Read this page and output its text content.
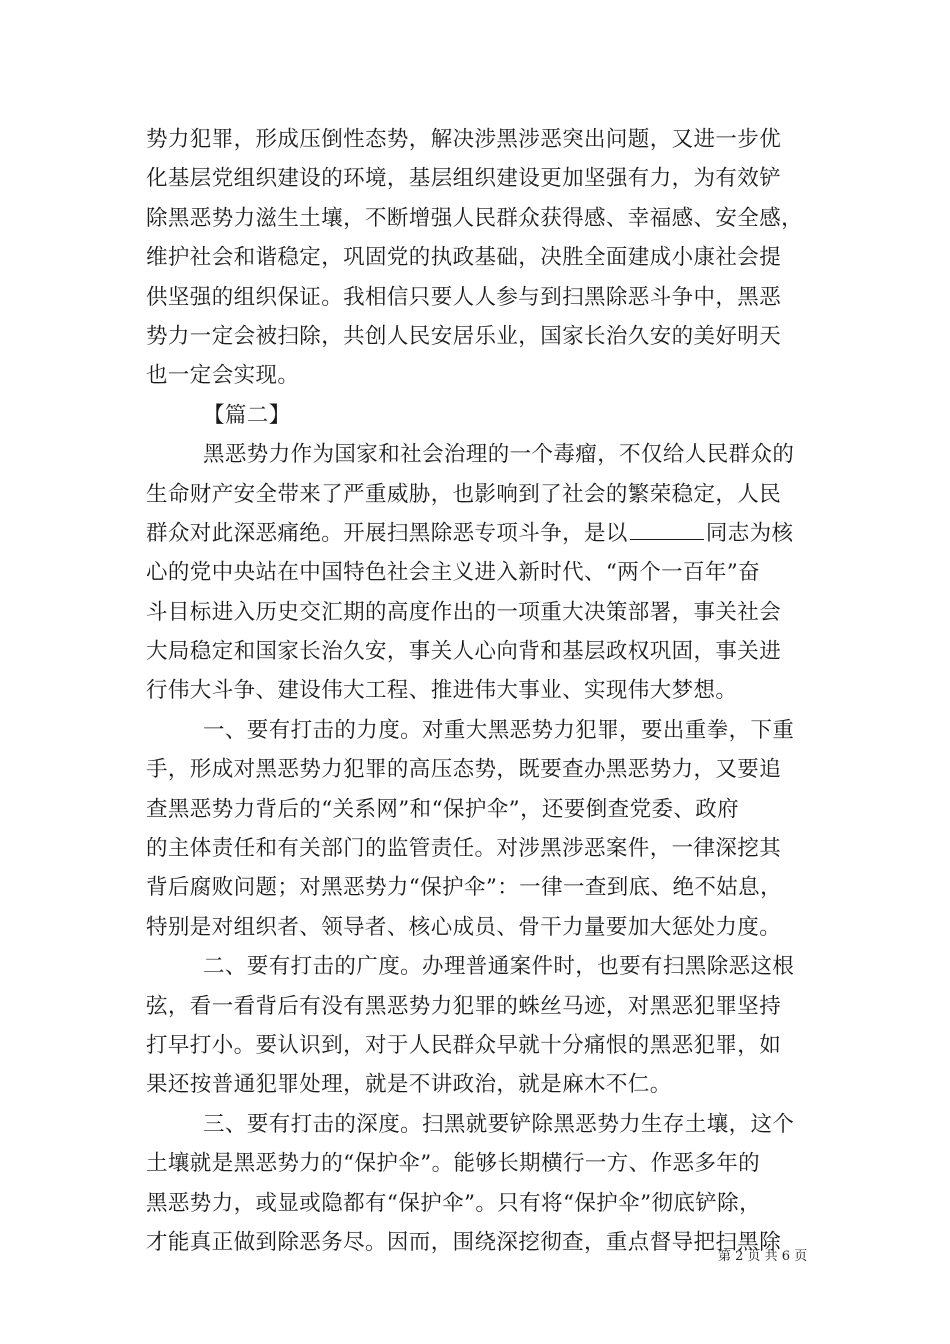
势力犯罪，形成压倒性态势，解决涉黑涉恶突出问题，又进一步优
化基层党组织建设的环境，基层组织建设更加坚强有力，为有效铲
除黑恶势力滋生土壤，不断增强人民群众获得感、幸福感、安全感，
维护社会和谐稳定，巩固党的执政基础，决胜全面建成小康社会提
供坚强的组织保证。我相信只要人人参与到扫黑除恶斗争中，黑恶
势力一定会被扫除，共创人民安居乐业，国家长治久安的美好明天
也一定会实现。
【篇二】
黑恶势力作为国家和社会治理的一个毒瘤，不仅给人民群众的
生命财产安全带来了严重威胁，也影响到了社会的繁荣稳定，人民
群众对此深恶痛绝。开展扫黑除恶专项斗争，是以	同志为核
心的党中央站在中国特色社会主义进入新时代、“两个一百年”奋
斗目标进入历史交汇期的高度作出的一项重大决策部署，事关社会
大局稳定和国家长治久安，事关人心向背和基层政权巩固，事关进
行伟大斗争、建设伟大工程、推进伟大事业、实现伟大梦想。
一、要有打击的力度。对重大黑恶势力犯罪，要出重拳，下重
手，形成对黑恶势力犯罪的高压态势，既要查办黑恶势力，又要追
查黑恶势力背后的“关系网”和“保护伞”，还要倒查党委、政府
的主体责任和有关部门的监管责任。对涉黑涉恶案件，一律深挖其
背后腐败问题；对黑恶势力“保护伞”：一律一查到底、绝不姑息，
特别是对组织者、领导者、核心成员、骨干力量要加大惩处力度。
二、要有打击的广度。办理普通案件时，也要有扫黑除恶这根
弦，看一看背后有没有黑恶势力犯罪的蛛丝马迹，对黑恶犯罪坚持
打早打小。要认识到，对于人民群众早就十分痛恨的黑恶犯罪，如
果还按普通犯罪处理，就是不讲政治，就是麻木不仁。
三、要有打击的深度。扫黑就要铲除黑恶势力生存土壤，这个
土壤就是黑恶势力的“保护伞”。能够长期横行一方、作恶多年的
黑恶势力，或显或隐都有“保护伞”。只有将“保护伞”彻底铲除，
才能真正做到除恶务尽。因而，围绕深挖彻查，重点督导把扫黑除
第 2 页 共 6 页
